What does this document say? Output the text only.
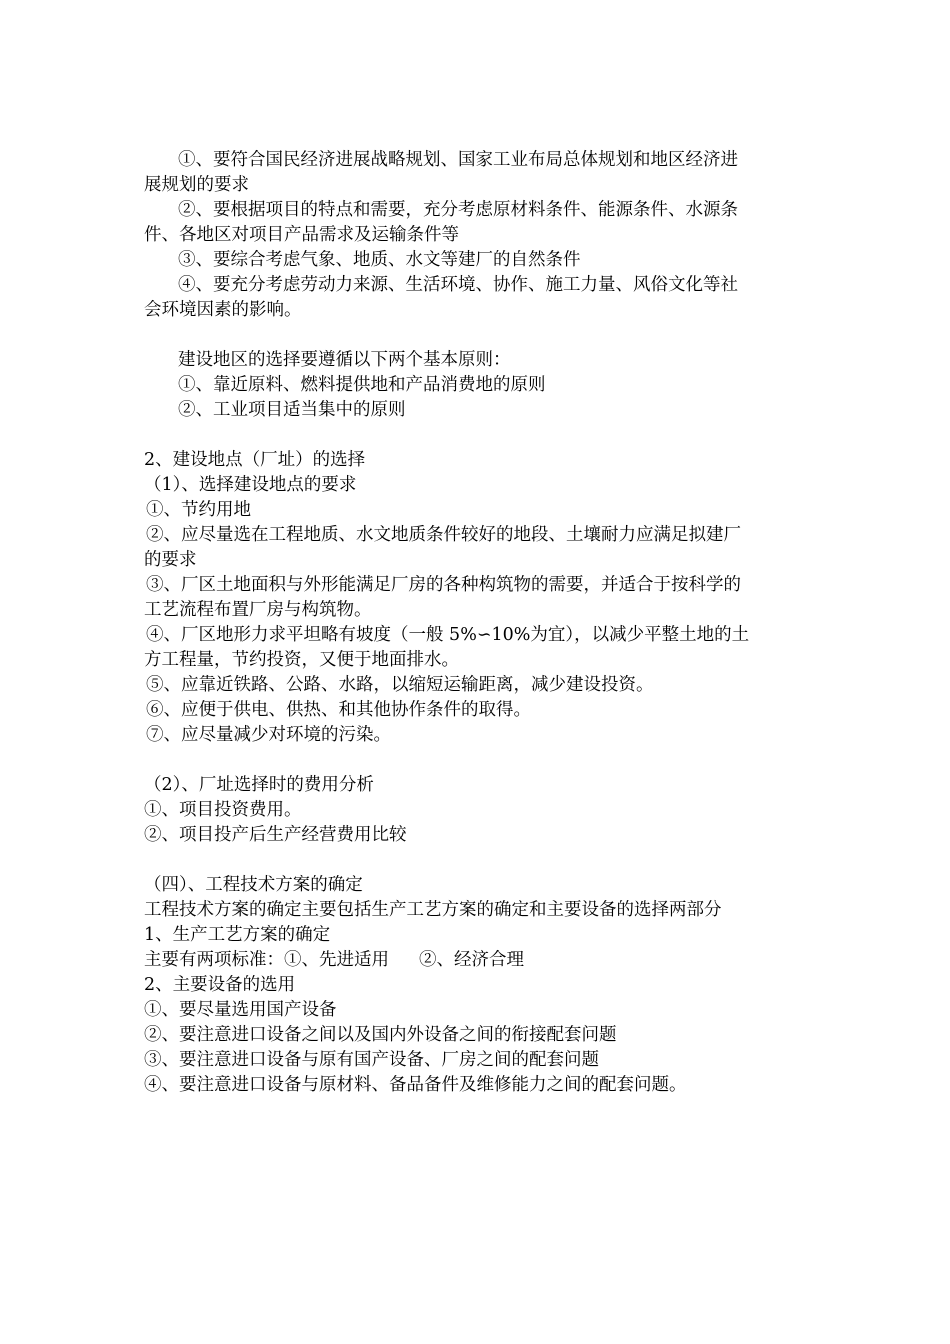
①、要符合国民经济进展战略规划、国家工业布局总体规划和地区经济进
展规划的要求
②、要根据项目的特点和需要，充分考虑原材料条件、能源条件、水源条
件、各地区对项目产品需求及运输条件等
③、要综合考虑气象、地质、水文等建厂的自然条件
④、要充分考虑劳动力来源、生活环境、协作、施工力量、风俗文化等社
会环境因素的影响。
建设地区的选择要遵循以下两个基本原则：
①、靠近原料、燃料提供地和产品消费地的原则
②、工业项目适当集中的原则
2、建设地点（厂址）的选择
（1）、选择建设地点的要求
①、节约用地
②、应尽量选在工程地质、水文地质条件较好的地段、土壤耐力应满足拟建厂
的要求
③、厂区土地面积与外形能满足厂房的各种构筑物的需要，并适合于按科学的
工艺流程布置厂房与构筑物。
④、厂区地形力求平坦略有坡度（一般 5%∽10%为宜），以减少平整土地的土
方工程量，节约投资，又便于地面排水。
⑤、应靠近铁路、公路、水路，以缩短运输距离，减少建设投资。
⑥、应便于供电、供热、和其他协作条件的取得。
⑦、应尽量减少对环境的污染。
（2）、厂址选择时的费用分析
①、项目投资费用。
②、项目投产后生产经营费用比较
（四）、工程技术方案的确定
工程技术方案的确定主要包括生产工艺方案的确定和主要设备的选择两部分
1、生产工艺方案的确定
主要有两项标准：①、先进适用 ②、经济合理
2、主要设备的选用
①、要尽量选用国产设备
②、要注意进口设备之间以及国内外设备之间的衔接配套问题
③、要注意进口设备与原有国产设备、厂房之间的配套问题
④、要注意进口设备与原材料、备品备件及维修能力之间的配套问题。
